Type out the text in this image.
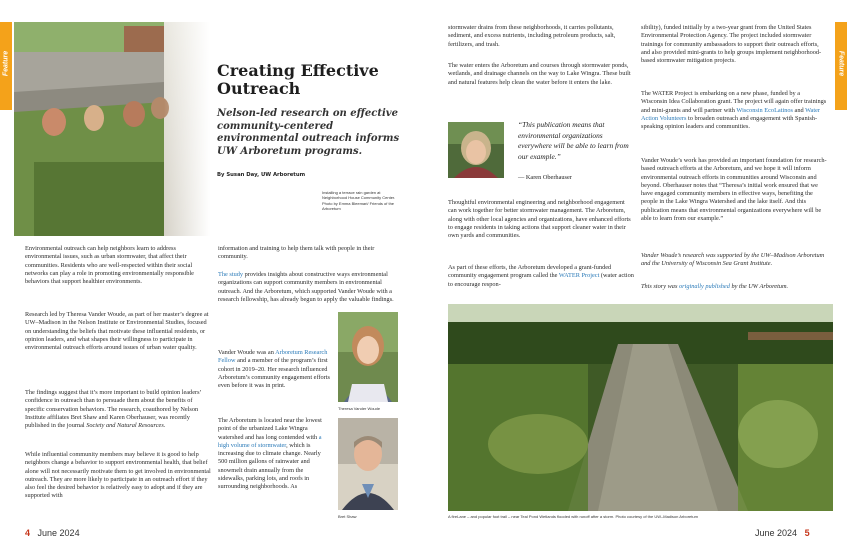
Feature	Feature
Creating Effective
Outreach

Nelson-led research on effective community-centered environmental outreach informs UW Arboretum programs.

By Susan Day, UW Arboretum
Installing a terrace rain garden at Neighborhood House Community Center. Photo by Emma Bleemari/ Friends of the Arboretum

Environmental outreach can help neighbors learn to address environmental issues, such as urban stormwater, that affect their communities. Residents who are well-respected within their social networks can play a role in promoting environmentally responsible behaviors that support healthier environments.

Research led by Theresa Vander Woude, as part of her master’s degree at UW–Madison in the Nelson Institute or Environmental Studies, focused on understanding the beliefs that motivate these influential residents, or opinion leaders, and what shapes their willingness to participate in environmental outreach efforts around issues of urban water quality.

The findings suggest that it’s more important to build opinion leaders’ confidence in outreach than to persuade them about the benefits of specific conservation behaviors. The research, coauthored by Nelson Institute affiliates Bret Shaw and Karen Oberhauser, was recently published in the journal Society and Natural Resources.

While influential community members may believe it is good to help neighbors change a behavior to support environmental health, that belief alone will not necessarily motivate them to get involved in environmental outreach. They are more likely to participate in an outreach effort if they also feel the desired behavior is relatively easy to adopt and if they are supported with

information and training to help them talk with people in their community.

The study provides insights about constructive ways environmental organizations can support community members in environmental outreach. And the Arboretum, which supported Vander Woude with a research fellowship, has already begun to apply the valuable findings.

Vander Woude was an Arboretum Research Fellow and a member of the program’s first cohort in 2019–20. Her research influenced Arboretum’s community engagement efforts even before it was in print.

The Arboretum is located near the lowest point of the urbanized Lake Wingra watershed and has long contended with a high volume of stormwater, which is increasing due to climate change. Nearly 500 million gallons of rainwater and snowmelt drain annually from the sidewalks, parking lots, and roofs in surrounding neighborhoods. As

Theresa Vander Woude
Bret Shaw

stormwater drains from these neighborhoods, it carries pollutants, sediment, and excess nutrients, including petroleum products, salt, fertilizers, and trash.

The water enters the Arboretum and courses through stormwater ponds, wetlands, and drainage channels on the way to Lake Wingra. These built and natural features help clean the water before it enters the lake.

“This publication means that environmental organizations everywhere will be able to learn from our example.”

— Karen Oberhauser

Thoughtful environmental engineering and neighborhood engagement can work together for better stormwater management. The Arboretum, along with other local agencies and organizations, have enhanced efforts to engage residents in taking actions that support cleaner water in their own yards and communities.

As part of these efforts, the Arboretum developed a grant-funded community engagement program called the WATER Project (water action to encourage respon-

sibility), funded initially by a two-year grant from the United States Environmental Protection Agency. The project included stormwater trainings for community ambassadors to support their outreach efforts, and also provided mini-grants to help groups implement neighborhood-based stormwater mitigation projects.

The WATER Project is embarking on a new phase, funded by a Wisconsin Idea Collaboration grant. The project will again offer trainings and mini-grants and will partner with Wisconsin EcoLatinos and Water Action Volunteers to broaden outreach and engagement with Spanish-speaking opinion leaders and communities.

Vander Woude’s work has provided an important foundation for research-based outreach efforts at the Arboretum, and we hope it will inform environmental outreach efforts in communities around Wisconsin and beyond. Oberhauser notes that “Theresa’s initial work ensured that we have engaged community members in effective ways, benefiting the people in the Lake Wingra Watershed and the lake itself. And this publication means that environmental organizations everywhere will be able to learn from our example.”

Vander Woude’s research was supported by the UW–Madison Arboretum and the University of Wisconsin Sea Grant Institute.

This story was originally published by the UW Arboretum.

A fireLane – and popular foot trail – near Teal Pond Wetlands flooded with runoff after a storm. Photo courtesy of the UW–Madison Arboretum
4 June 2024	June 2024 5
